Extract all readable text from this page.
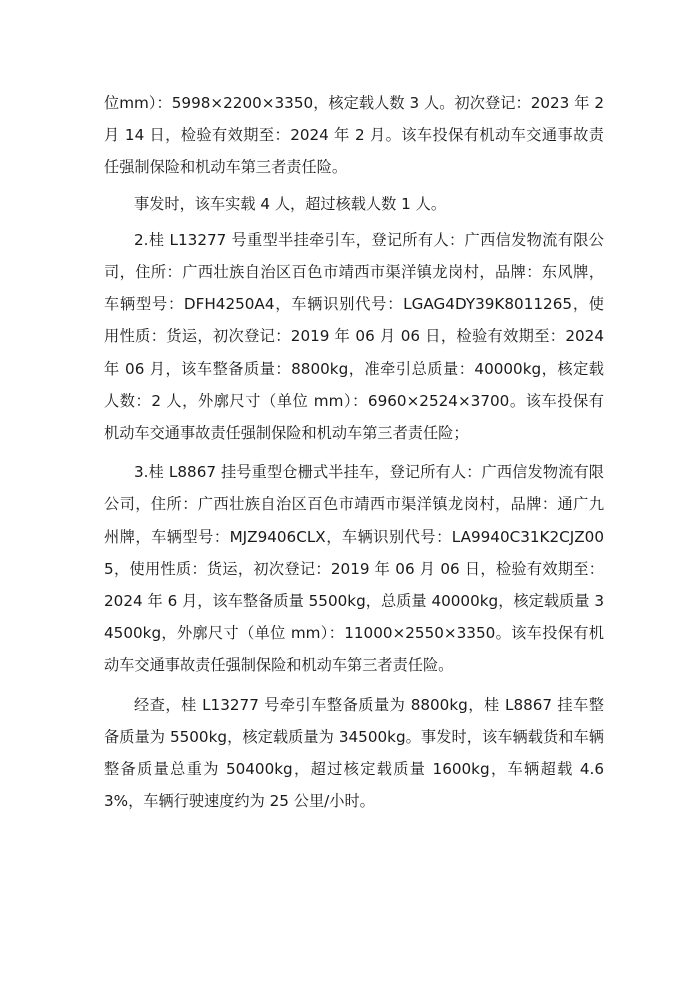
位mm）：5998×2200×3350，核定载人数 3 人。初次登记：2023 年 2 月 14 日，检验有效期至：2024 年 2 月。该车投保有机动车交通事故责任强制保险和机动车第三者责任险。

事发时，该车实载 4 人，超过核载人数 1 人。

2.桂 L13277 号重型半挂牵引车，登记所有人：广西信发物流有限公司，住所：广西壮族自治区百色市靖西市渠洋镇龙岗村，品牌：东风牌，车辆型号：DFH4250A4，车辆识别代号：LGAG4DY39K8011265，使用性质：货运，初次登记：2019 年 06 月 06 日，检验有效期至：2024 年 06 月，该车整备质量：8800kg，准牵引总质量：40000kg，核定载人数：2 人，外廓尺寸（单位 mm）：6960×2524×3700。该车投保有机动车交通事故责任强制保险和机动车第三者责任险；

3.桂 L8867 挂号重型仓栅式半挂车，登记所有人：广西信发物流有限公司，住所：广西壮族自治区百色市靖西市渠洋镇龙岗村，品牌：通广九州牌，车辆型号：MJZ9406CLX，车辆识别代号：LA9940C31K2CJZ005，使用性质：货运，初次登记：2019 年 06 月 06 日，检验有效期至：2024 年 6 月，该车整备质量 5500kg，总质量 40000kg，核定载质量 34500kg，外廓尺寸（单位 mm）：11000×2550×3350。该车投保有机动车交通事故责任强制保险和机动车第三者责任险。

经查，桂 L13277 号牵引车整备质量为 8800kg，桂 L8867 挂车整备质量为 5500kg，核定载质量为 34500kg。事发时，该车辆载货和车辆整备质量总重为 50400kg，超过核定载质量 1600kg，车辆超载 4.63%，车辆行驶速度约为 25 公里/小时。
